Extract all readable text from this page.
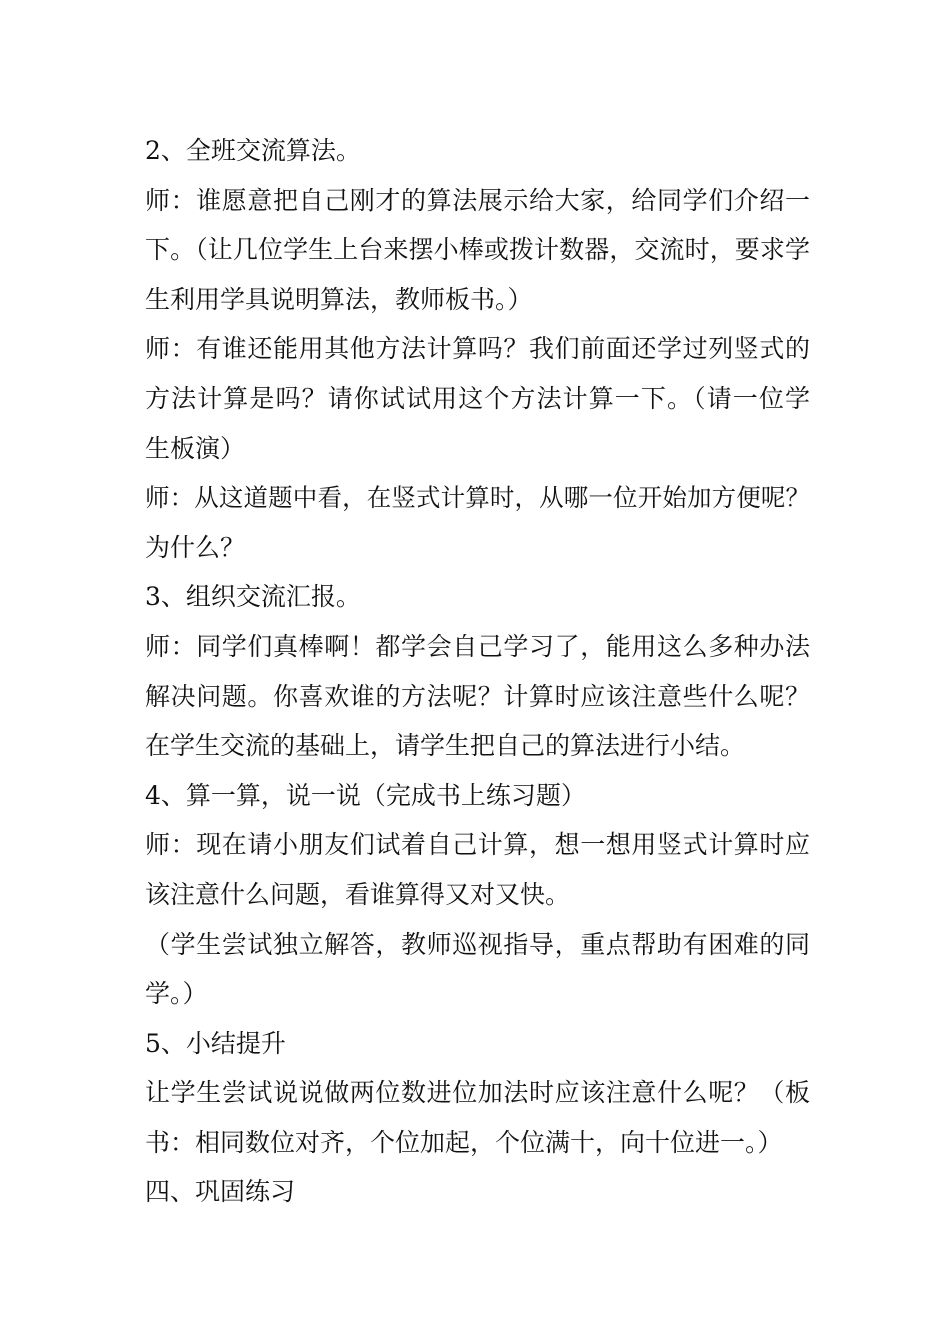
2、全班交流算法。
师：谁愿意把自己刚才的算法展示给大家，给同学们介绍一
下。（让几位学生上台来摆小棒或拨计数器，交流时，要求学
生利用学具说明算法，教师板书。）
师：有谁还能用其他方法计算吗？我们前面还学过列竖式的
方法计算是吗？请你试试用这个方法计算一下。（请一位学
生板演）
师：从这道题中看，在竖式计算时，从哪一位开始加方便呢？
为什么？
3、组织交流汇报。
师：同学们真棒啊！都学会自己学习了，能用这么多种办法
解决问题。你喜欢谁的方法呢？计算时应该注意些什么呢？
在学生交流的基础上，请学生把自己的算法进行小结。
4、算一算，说一说（完成书上练习题）
师：现在请小朋友们试着自己计算，想一想用竖式计算时应
该注意什么问题，看谁算得又对又快。
（学生尝试独立解答，教师巡视指导，重点帮助有困难的同
学。）
5、小结提升
让学生尝试说说做两位数进位加法时应该注意什么呢？（板
书：相同数位对齐，个位加起，个位满十，向十位进一。）
四、巩固练习
